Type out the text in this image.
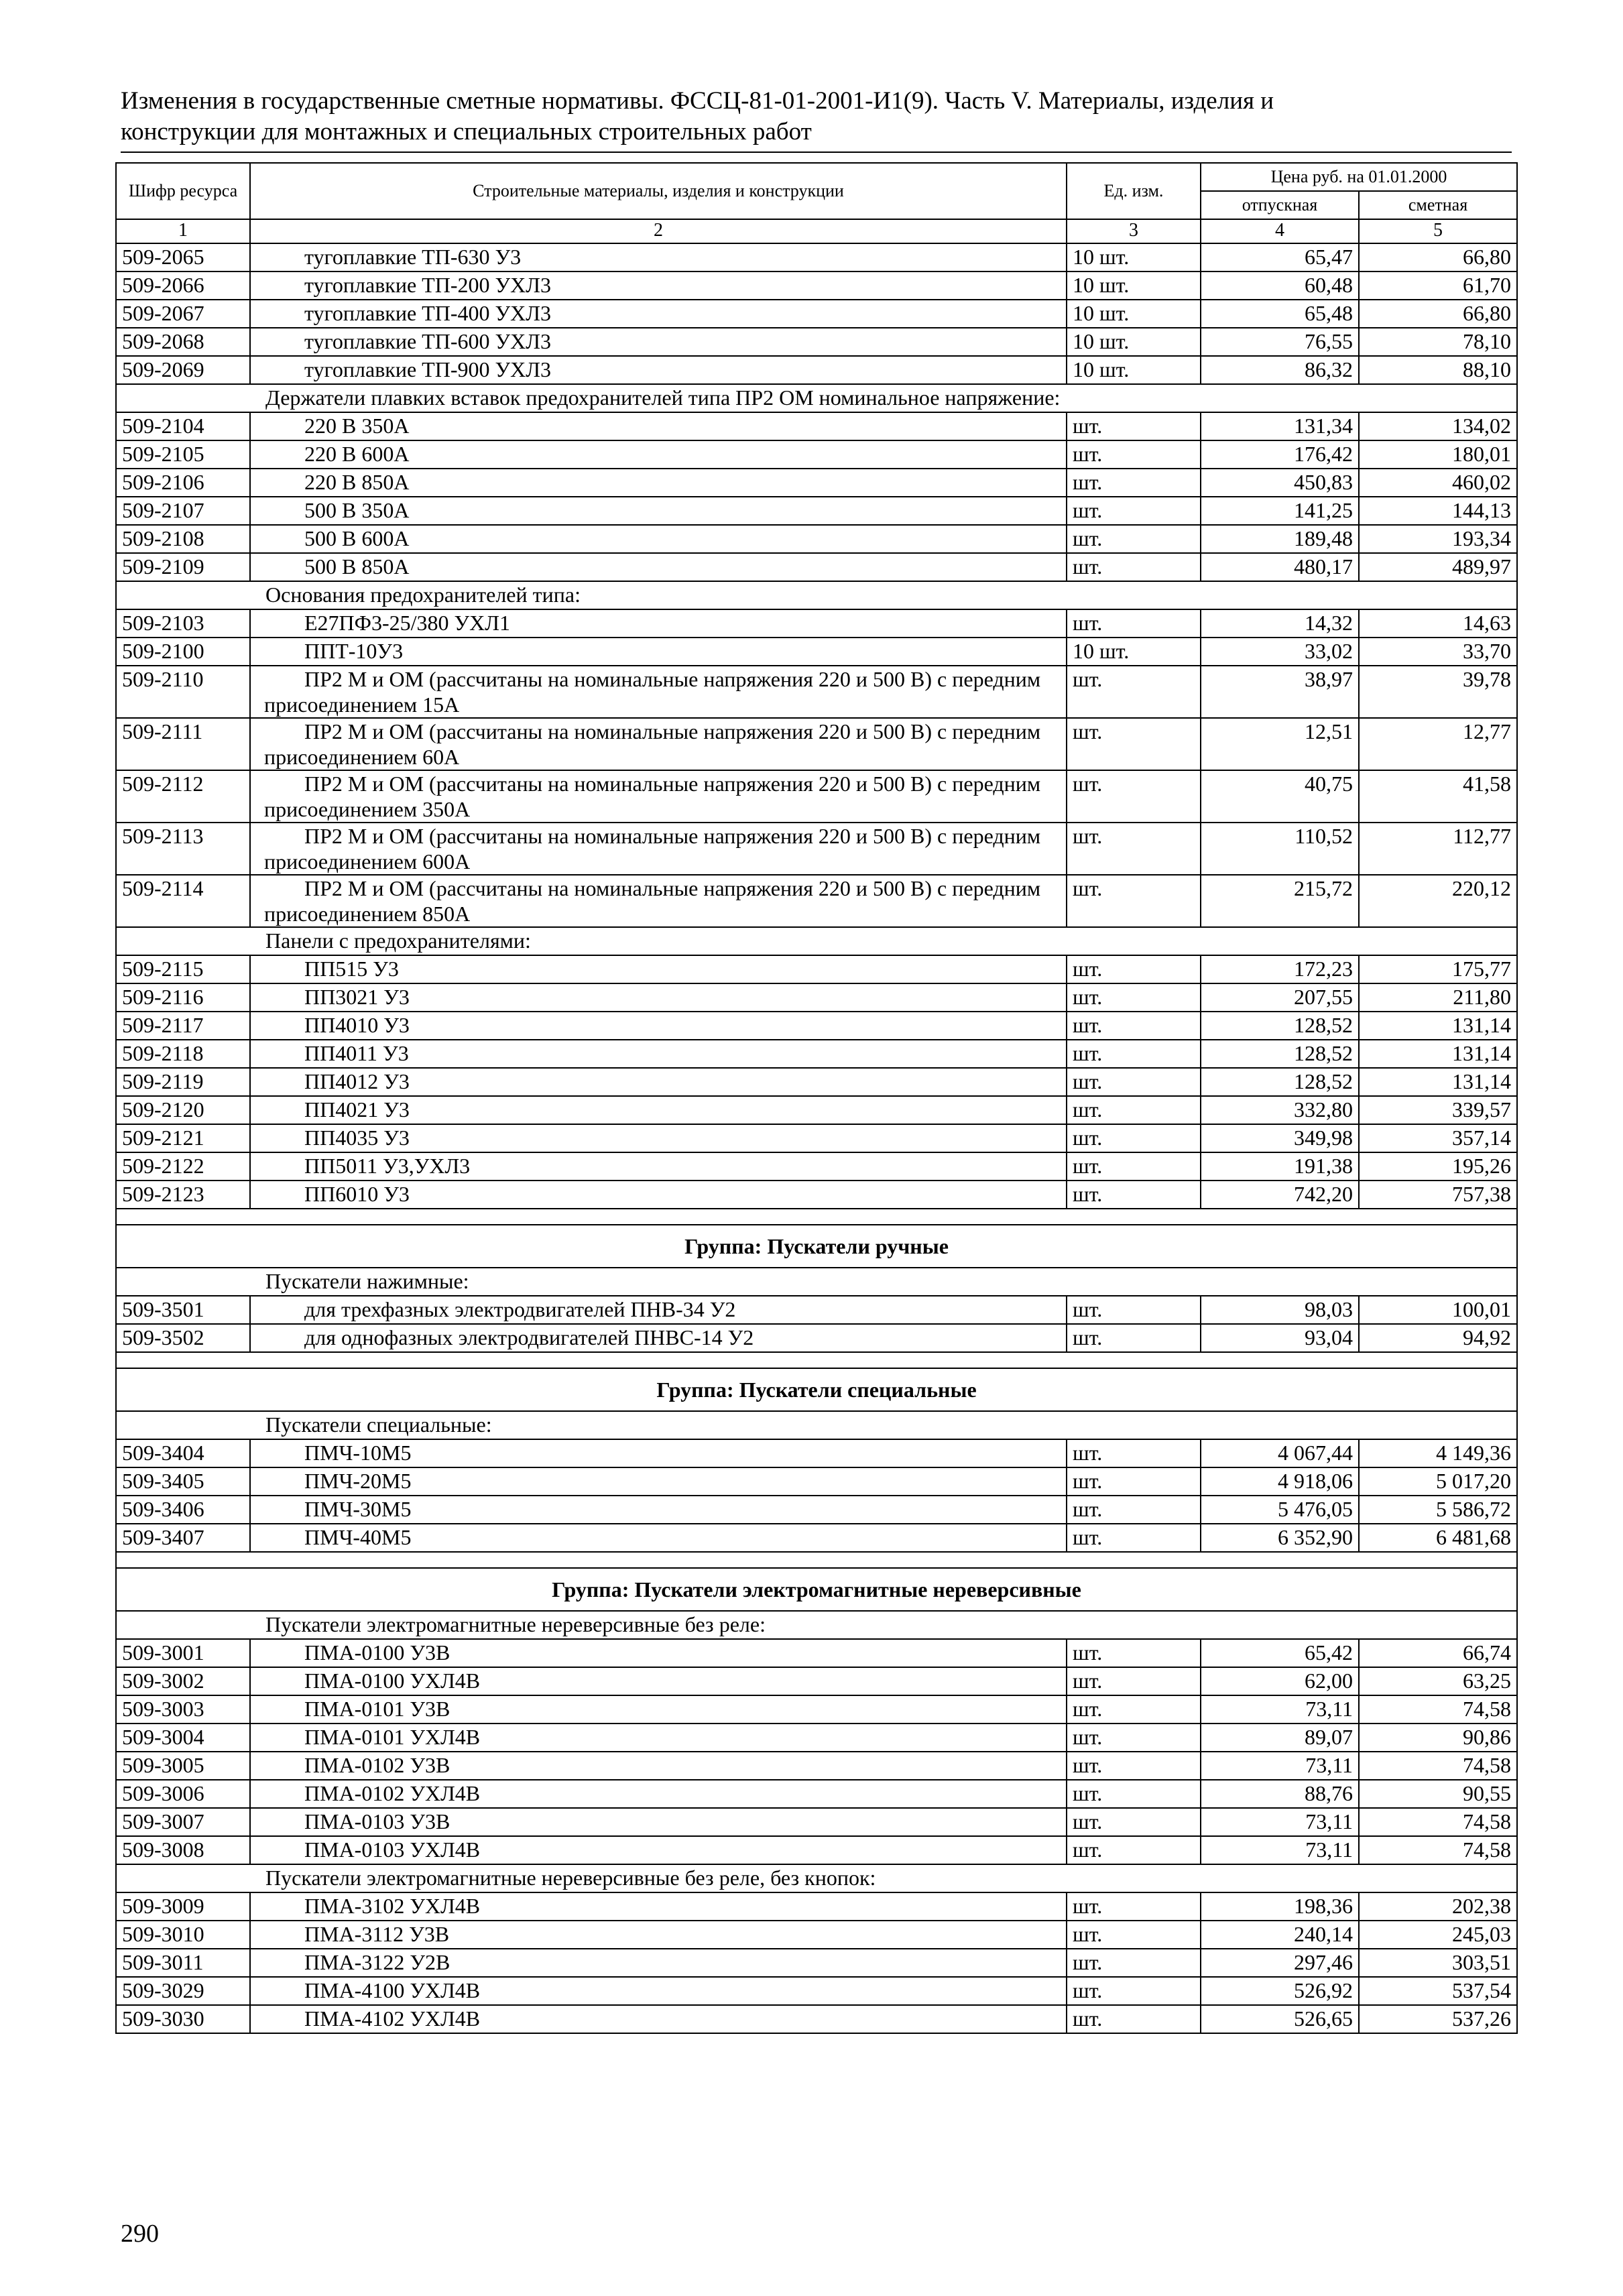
Изменения в государственные сметные нормативы. ФССЦ-81-01-2001-И1(9). Часть V. Материалы, изделия и
конструкции для монтажных и специальных строительных работ
Шифр ресурса	Строительные материалы, изделия и конструкции	Ед. изм.	Цена руб. на 01.01.2000	
			отпускная	сметная
1	2	3	4	5
509-2065	тугоплавкие ТП-630 У3	10 шт.	65,47	66,80
509-2066	тугоплавкие ТП-200 УХЛ3	10 шт.	60,48	61,70
509-2067	тугоплавкие ТП-400 УХЛ3	10 шт.	65,48	66,80
509-2068	тугоплавкие ТП-600 УХЛ3	10 шт.	76,55	78,10
509-2069	тугоплавкие ТП-900 УХЛ3	10 шт.	86,32	88,10
Держатели плавких вставок предохранителей типа ПР2 ОМ номинальное напряжение:				
509-2104	220 В 350А	шт.	131,34	134,02
509-2105	220 В 600А	шт.	176,42	180,01
509-2106	220 В 850А	шт.	450,83	460,02
509-2107	500 В 350А	шт.	141,25	144,13
509-2108	500 В 600А	шт.	189,48	193,34
509-2109	500 В 850А	шт.	480,17	489,97
Основания предохранителей типа:				
509-2103	Е27ПФ3-25/380 УХЛ1	шт.	14,32	14,63
509-2100	ППТ-10У3	10 шт.	33,02	33,70
509-2110	ПР2 М и ОМ (рассчитаны на номинальные напряжения 220 и 500 В) с передним присоединением 15А	шт.	38,97	39,78
509-2111	ПР2 М и ОМ (рассчитаны на номинальные напряжения 220 и 500 В) с передним присоединением 60А	шт.	12,51	12,77
509-2112	ПР2 М и ОМ (рассчитаны на номинальные напряжения 220 и 500 В) с передним присоединением 350А	шт.	40,75	41,58
509-2113	ПР2 М и ОМ (рассчитаны на номинальные напряжения 220 и 500 В) с передним присоединением 600А	шт.	110,52	112,77
509-2114	ПР2 М и ОМ (рассчитаны на номинальные напряжения 220 и 500 В) с передним присоединением 850А	шт.	215,72	220,12
Панели с предохранителями:				
509-2115	ПП515 У3	шт.	172,23	175,77
509-2116	ПП3021 У3	шт.	207,55	211,80
509-2117	ПП4010 У3	шт.	128,52	131,14
509-2118	ПП4011 У3	шт.	128,52	131,14
509-2119	ПП4012 У3	шт.	128,52	131,14
509-2120	ПП4021 У3	шт.	332,80	339,57
509-2121	ПП4035 У3	шт.	349,98	357,14
509-2122	ПП5011 У3,УХЛ3	шт.	191,38	195,26
509-2123	ПП6010 У3	шт.	742,20	757,38

Группа: Пускатели ручные				
Пускатели нажимные:				
509-3501	для трехфазных электродвигателей ПНВ-34 У2	шт.	98,03	100,01
509-3502	для однофазных электродвигателей ПНВС-14 У2	шт.	93,04	94,92

Группа: Пускатели специальные				
Пускатели специальные:				
509-3404	ПМЧ-10М5	шт.	4 067,44	4 149,36
509-3405	ПМЧ-20М5	шт.	4 918,06	5 017,20
509-3406	ПМЧ-30М5	шт.	5 476,05	5 586,72
509-3407	ПМЧ-40М5	шт.	6 352,90	6 481,68

Группа: Пускатели электромагнитные нереверсивные				
Пускатели электромагнитные нереверсивные без реле:				
509-3001	ПМА-0100 У3В	шт.	65,42	66,74
509-3002	ПМА-0100 УХЛ4В	шт.	62,00	63,25
509-3003	ПМА-0101 У3В	шт.	73,11	74,58
509-3004	ПМА-0101 УХЛ4В	шт.	89,07	90,86
509-3005	ПМА-0102 У3В	шт.	73,11	74,58
509-3006	ПМА-0102 УХЛ4В	шт.	88,76	90,55
509-3007	ПМА-0103 У3В	шт.	73,11	74,58
509-3008	ПМА-0103 УХЛ4В	шт.	73,11	74,58
Пускатели электромагнитные нереверсивные без реле, без кнопок:				
509-3009	ПМА-3102 УХЛ4В	шт.	198,36	202,38
509-3010	ПМА-3112 У3В	шт.	240,14	245,03
509-3011	ПМА-3122 У2В	шт.	297,46	303,51
509-3029	ПМА-4100 УХЛ4В	шт.	526,92	537,54
509-3030	ПМА-4102 УХЛ4В	шт.	526,65	537,26
290
